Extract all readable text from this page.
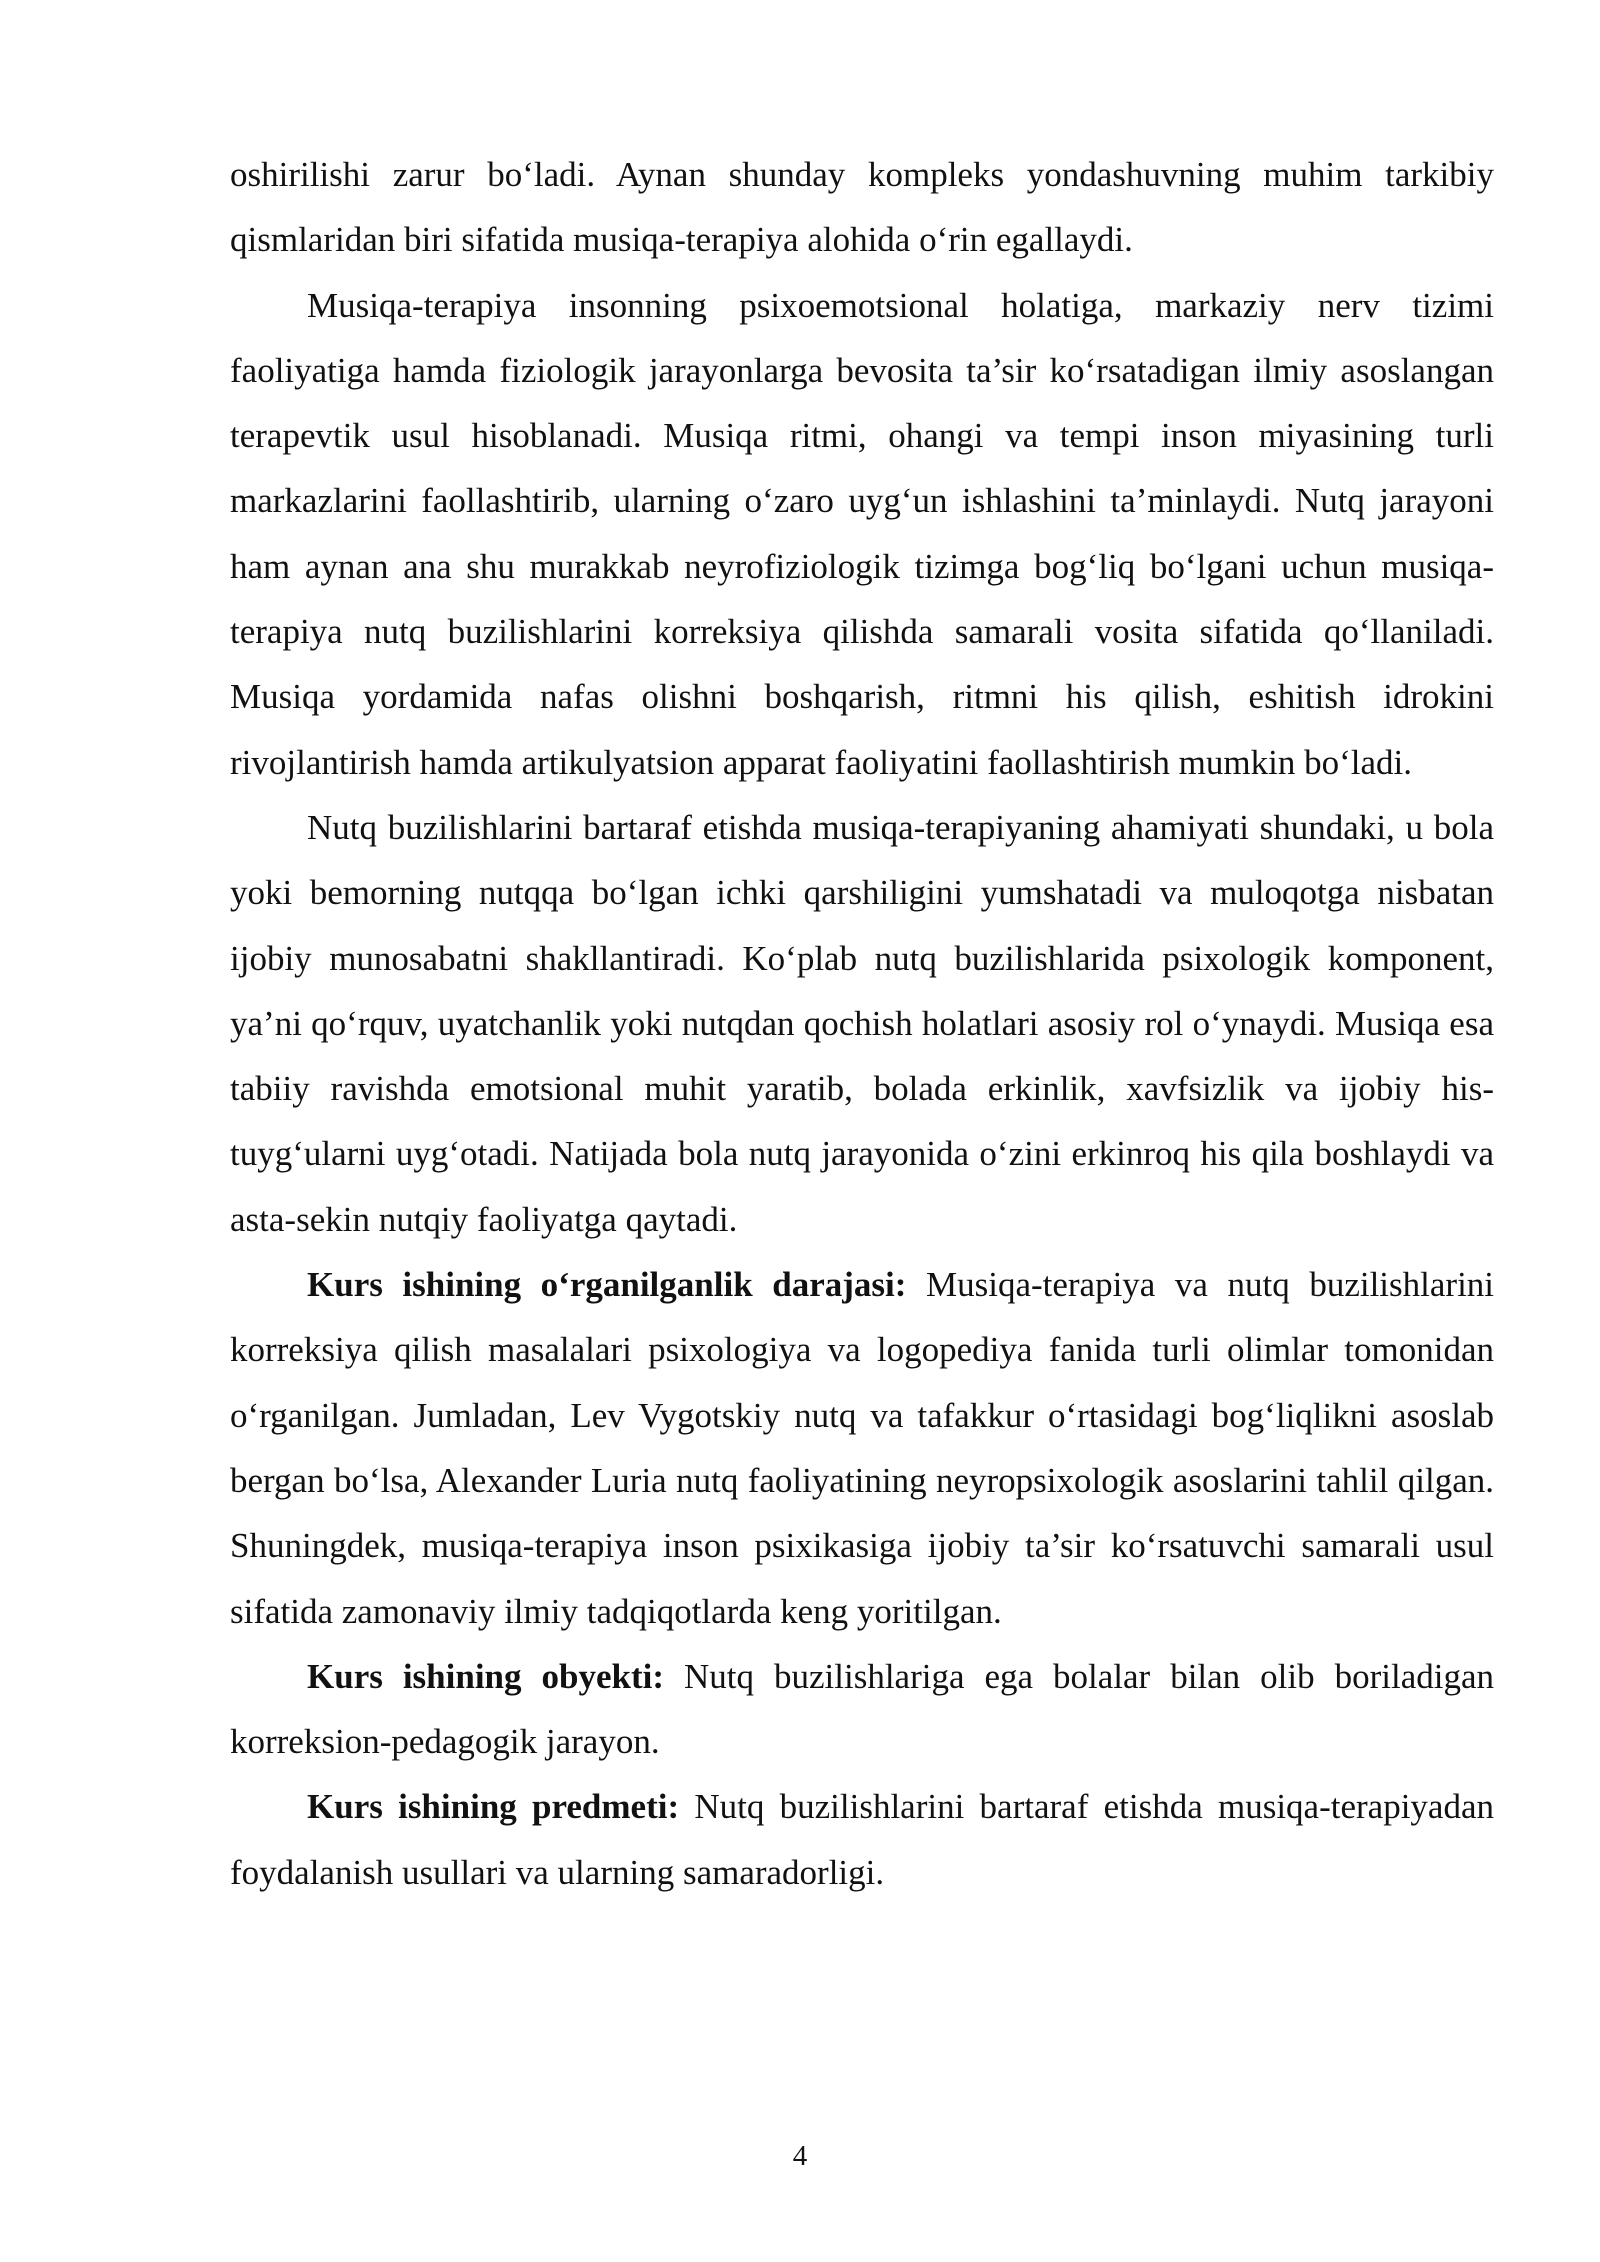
oshirilishi zarur bo‘ladi. Aynan shunday kompleks yondashuvning muhim tarkibiy qismlaridan biri sifatida musiqa-terapiya alohida o‘rin egallaydi.

Musiqa-terapiya insonning psixoemotsional holatiga, markaziy nerv tizimi faoliyatiga hamda fiziologik jarayonlarga bevosita ta’sir ko‘rsatadigan ilmiy asoslangan terapevtik usul hisoblanadi. Musiqa ritmi, ohangi va tempi inson miyasining turli markazlarini faollashtirib, ularning o‘zaro uyg‘un ishlashini ta’minlaydi. Nutq jarayoni ham aynan ana shu murakkab neyrofiziologik tizimga bog‘liq bo‘lgani uchun musiqa-terapiya nutq buzilishlarini korreksiya qilishda samarali vosita sifatida qo‘llaniladi. Musiqa yordamida nafas olishni boshqarish, ritmni his qilish, eshitish idrokini rivojlantirish hamda artikulyatsion apparat faoliyatini faollashtirish mumkin bo‘ladi.

Nutq buzilishlarini bartaraf etishda musiqa-terapiyaning ahamiyati shundaki, u bola yoki bemorning nutqqa bo‘lgan ichki qarshiligini yumshatadi va muloqotga nisbatan ijobiy munosabatni shakllantiradi. Ko‘plab nutq buzilishlarida psixologik komponent, ya’ni qo‘rquv, uyatchanlik yoki nutqdan qochish holatlari asosiy rol o‘ynaydi. Musiqa esa tabiiy ravishda emotsional muhit yaratib, bolada erkinlik, xavfsizlik va ijobiy his-tuyg‘ularni uyg‘otadi. Natijada bola nutq jarayonida o‘zini erkinroq his qila boshlaydi va asta-sekin nutqiy faoliyatga qaytadi.

Kurs ishining o‘rganilganlik darajasi: Musiqa-terapiya va nutq buzilishlarini korreksiya qilish masalalari psixologiya va logopediya fanida turli olimlar tomonidan o‘rganilgan. Jumladan, Lev Vygotskiy nutq va tafakkur o‘rtasidagi bog‘liqlikni asoslab bergan bo‘lsa, Alexander Luria nutq faoliyatining neyropsixologik asoslarini tahlil qilgan. Shuningdek, musiqa-terapiya inson psixikasiga ijobiy ta’sir ko‘rsatuvchi samarali usul sifatida zamonaviy ilmiy tadqiqotlarda keng yoritilgan.

Kurs ishining obyekti: Nutq buzilishlariga ega bolalar bilan olib boriladigan korreksion-pedagogik jarayon.

Kurs ishining predmeti: Nutq buzilishlarini bartaraf etishda musiqa-terapiyadan foydalanish usullari va ularning samaradorligi.

4
